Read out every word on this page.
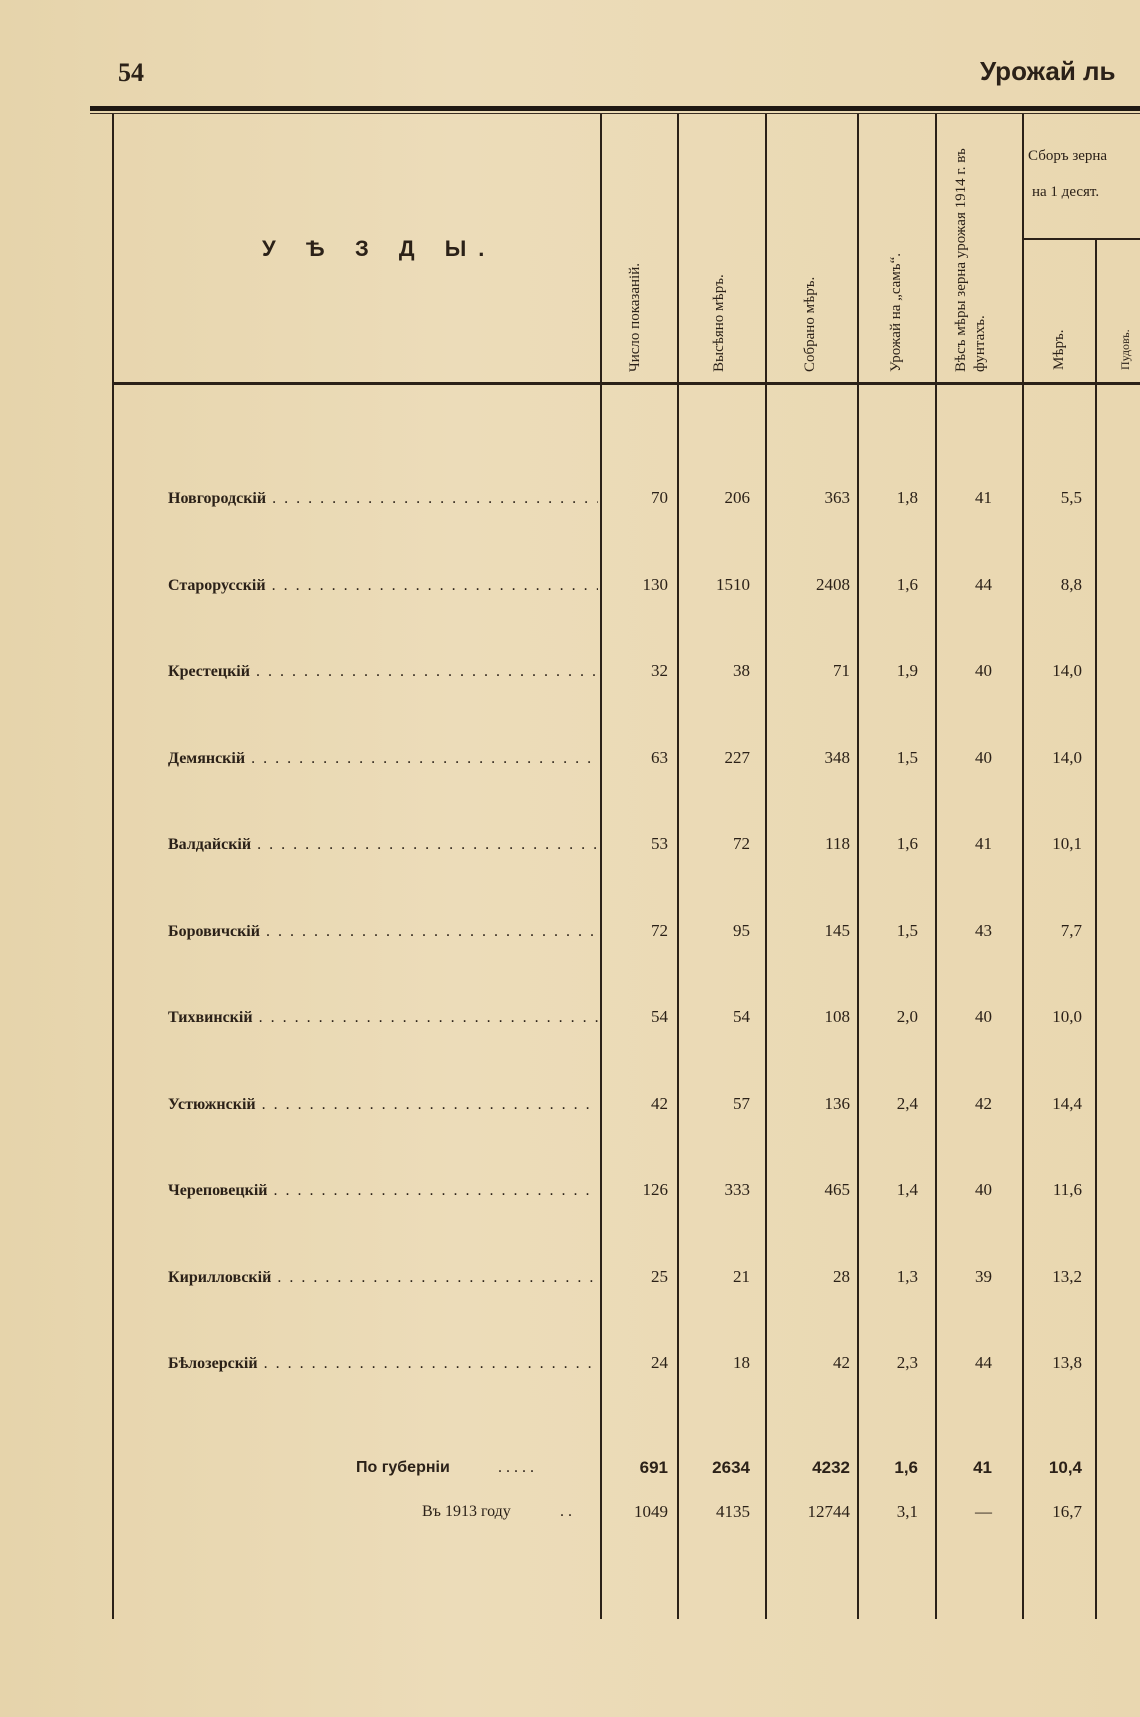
54	Урожай ль
У Ѣ З Д Ы.
Число показаній.	Высѣяно мѣръ.	Собрано мѣръ.	Урожай на „самъ“.	Вѣсъ мѣры зерна урожая 1914 г. въ фунтахъ.	Мѣръ.	Пудовъ.
Сборъ зерна
на 1 десят.
Новгородскій . . .	70	206	363	1,8	41	5,5
Старорусскій . . .	130	1510	2408	1,6	44	8,8
Крестецкій . . .	32	38	71	1,9	40	14,0
Демянскій . . .	63	227	348	1,5	40	14,0
Валдайскій . . .	53	72	118	1,6	41	10,1
Боровичскій . . .	72	95	145	1,5	43	7,7
Тихвинскій . . .	54	54	108	2,0	40	10,0
Устюжнскій . . .	42	57	136	2,4	42	14,4
Череповецкій . . .	126	333	465	1,4	40	11,6
Кирилловскій . . .	25	21	28	1,3	39	13,2
Бѣлозерскій . . .	24	18	42	2,3	44	13,8
По губерніи	. . . . .	691	2634	4232	1,6	41	10,4
Въ 1913 году	. .	1049	4135	12744	3,1	—	16,7
